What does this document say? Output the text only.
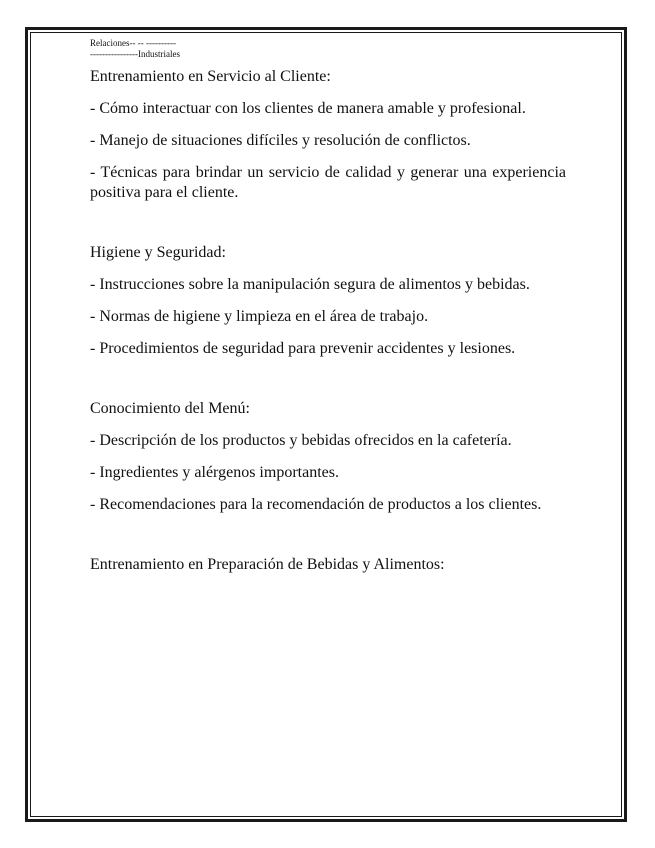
Relaciones-- -- ----------
----------------Industriales
Entrenamiento en Servicio al Cliente:
- Cómo interactuar con los clientes de manera amable y profesional.
- Manejo de situaciones difíciles y resolución de conflictos.
- Técnicas para brindar un servicio de calidad y generar una experiencia positiva para el cliente.
Higiene y Seguridad:
- Instrucciones sobre la manipulación segura de alimentos y bebidas.
- Normas de higiene y limpieza en el área de trabajo.
- Procedimientos de seguridad para prevenir accidentes y lesiones.
Conocimiento del Menú:
- Descripción de los productos y bebidas ofrecidos en la cafetería.
- Ingredientes y alérgenos importantes.
- Recomendaciones para la recomendación de productos a los clientes.
Entrenamiento en Preparación de Bebidas y Alimentos:
